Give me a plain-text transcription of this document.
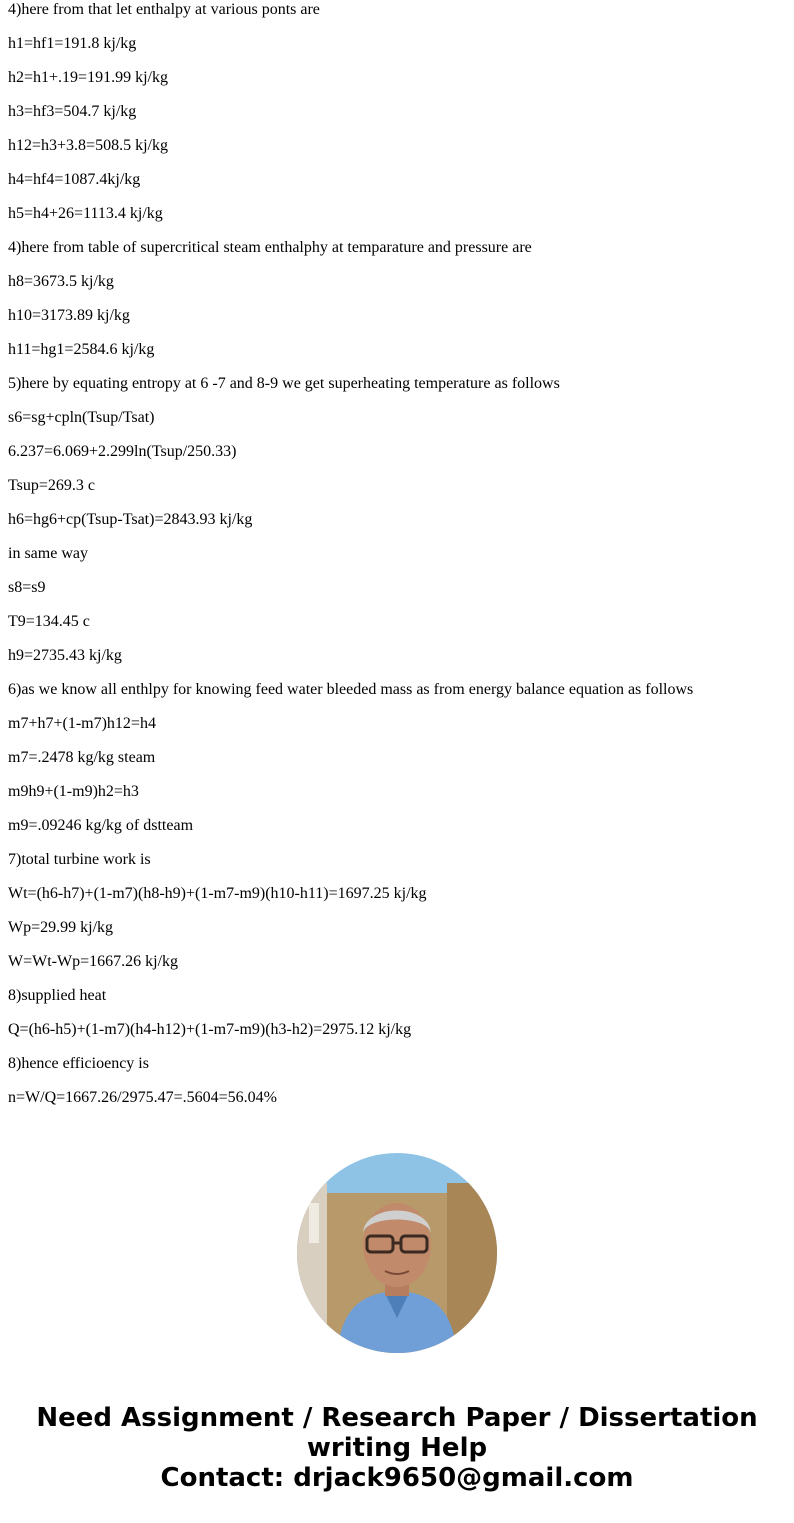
4)here from that let enthalpy at various ponts are
h1=hf1=191.8 kj/kg
h2=h1+.19=191.99 kj/kg
h3=hf3=504.7 kj/kg
h12=h3+3.8=508.5 kj/kg
h4=hf4=1087.4kj/kg
h5=h4+26=1113.4 kj/kg
4)here from table of supercritical steam enthalphy at temparature and pressure are
h8=3673.5 kj/kg
h10=3173.89 kj/kg
h11=hg1=2584.6 kj/kg
5)here by equating entropy at 6 -7 and 8-9 we get superheating temperature as follows
s6=sg+cpln(Tsup/Tsat)
6.237=6.069+2.299ln(Tsup/250.33)
Tsup=269.3 c
h6=hg6+cp(Tsup-Tsat)=2843.93 kj/kg
in same way
s8=s9
T9=134.45 c
h9=2735.43 kj/kg
6)as we know all enthlpy for knowing feed water bleeded mass as from energy balance equation as follows
m7+h7+(1-m7)h12=h4
m7=.2478 kg/kg steam
m9h9+(1-m9)h2=h3
m9=.09246 kg/kg of dstteam
7)total turbine work is
Wt=(h6-h7)+(1-m7)(h8-h9)+(1-m7-m9)(h10-h11)=1697.25 kj/kg
Wp=29.99 kj/kg
W=Wt-Wp=1667.26 kj/kg
8)supplied heat
Q=(h6-h5)+(1-m7)(h4-h12)+(1-m7-m9)(h3-h2)=2975.12 kj/kg
8)hence efficioency is
n=W/Q=1667.26/2975.47=.5604=56.04%
Need Assignment / Research Paper / Dissertation
writing Help
Contact: drjack9650@gmail.com
